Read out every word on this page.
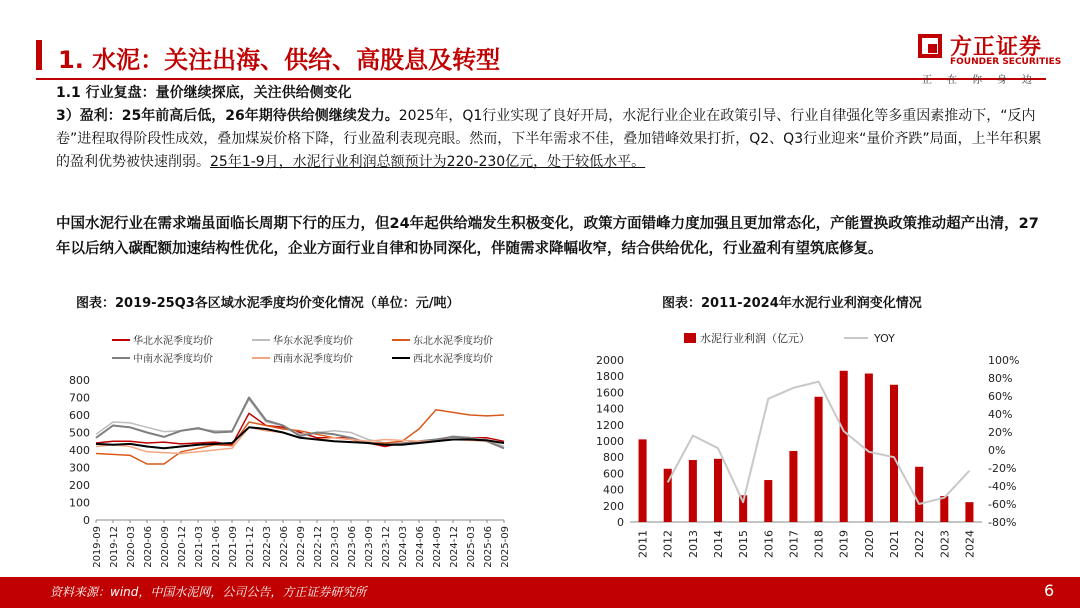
1. 水泥：关注出海、供给、高股息及转型	方正证券
FOUNDER SECURITIES
正在你身边
1.1 行业复盘：量价继续探底，关注供给侧变化
3）盈利：25年前高后低，26年期待供给侧继续发力。2025年，Q1行业实现了良好开局，水泥行业企业在政策引导、行业自律强化等多重因素推动下，“反内卷”进程取得阶段性成效，叠加煤炭价格下降，行业盈利表现亮眼。然而，下半年需求不佳，叠加错峰效果打折，Q2、Q3行业迎来“量价齐跌”局面，上半年积累的盈利优势被快速削弱。25年1-9月，水泥行业利润总额预计为220-230亿元，处于较低水平。
中国水泥行业在需求端虽面临长周期下行的压力，但24年起供给端发生积极变化，政策方面错峰力度加强且更加常态化，产能置换政策推动超产出清，27年以后纳入碳配额加速结构性优化，企业方面行业自律和协同深化，伴随需求降幅收窄，结合供给优化，行业盈利有望筑底修复。
图表：2019-25Q3各区域水泥季度均价变化情况（单位：元/吨）	图表：2011-2024年水泥行业利润变化情况
0
100
200
300
400
500
600
700
800
2019-09 2019-12 2020-03 2020-06 2020-09 2020-12 2021-03 2021-06 2021-09 2021-12 2022-03 2022-06 2022-09 2022-12 2023-03 2023-06 2023-09 2023-12 2024-03 2024-06 2024-09 2024-12 2025-03 2025-06 2025-09
华北水泥季度均价	华东水泥季度均价	东北水泥季度均价
中南水泥季度均价	西南水泥季度均价	西北水泥季度均价
0
200
400
600
800
1000
1200
1400
1600
1800
2000
-80%
-60%
-40%
-20%
0%
20%
40%
60%
80%
100%
水泥行业利润（亿元）	YOY
2011 2012 2013 2014 2015 2016 2017 2018 2019 2020 2021 2022 2023 2024
资料来源：wind，中国水泥网，公司公告，方正证券研究所	6
